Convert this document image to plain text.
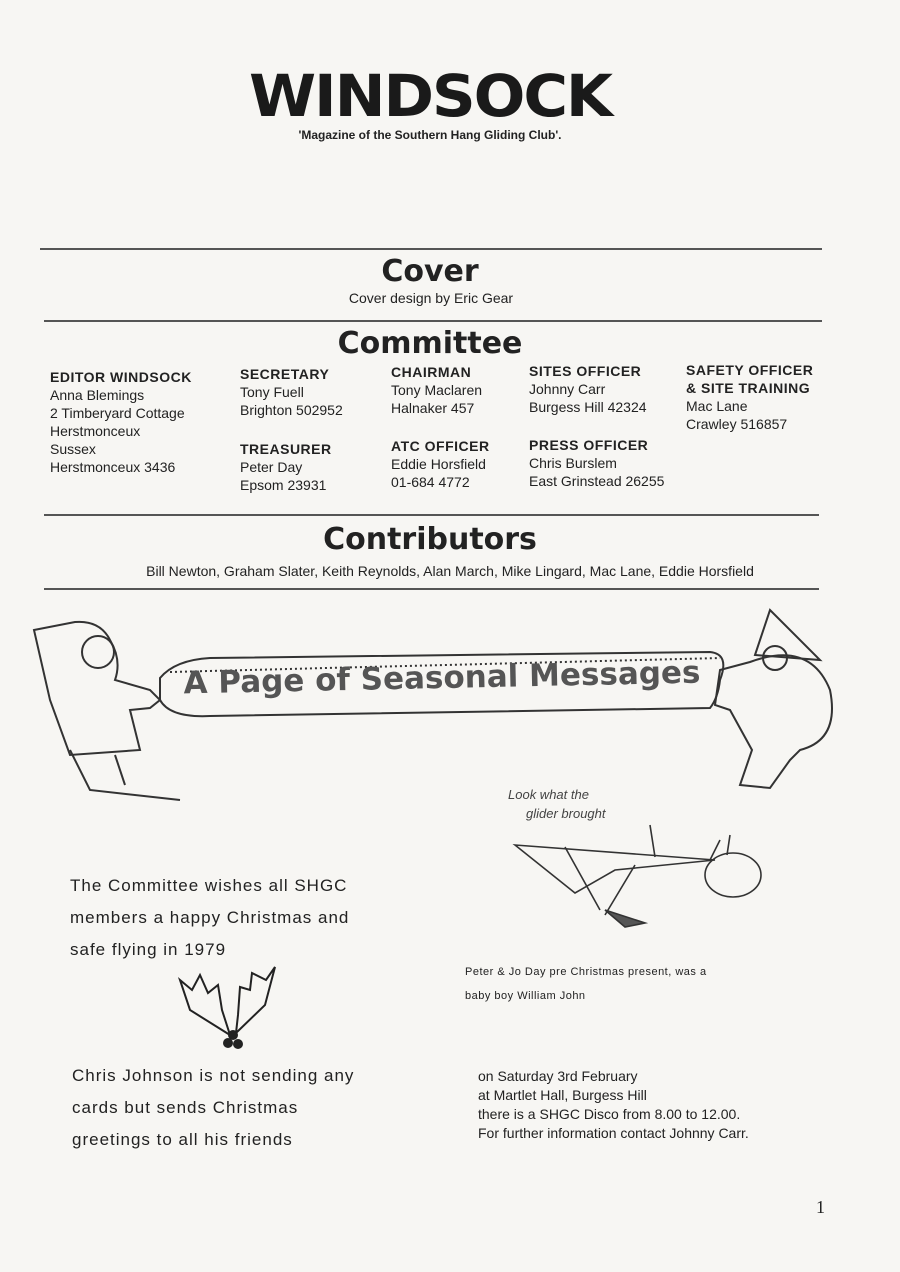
WINDSOCK
'Magazine of the Southern Hang Gliding Club'.
Cover
Cover design by Eric Gear
Committee
EDITOR WINDSOCK
Anna Blemings
2 Timberyard Cottage
Herstmonceux
Sussex
Herstmonceux 3436
SECRETARY
Tony Fuell
Brighton 502952
TREASURER
Peter Day
Epsom 23931
CHAIRMAN
Tony Maclaren
Halnaker 457
ATC OFFICER
Eddie Horsfield
01-684 4772
SITES OFFICER
Johnny Carr
Burgess Hill 42324
PRESS OFFICER
Chris Burslem
East Grinstead 26255
SAFETY OFFICER
& SITE TRAINING
Mac Lane
Crawley 516857
Contributors
Bill Newton, Graham Slater, Keith Reynolds, Alan March, Mike Lingard, Mac Lane, Eddie Horsfield
A Page of Seasonal Messages
Look what the
glider brought
The Committee wishes all SHGC
members a happy Christmas and
safe flying in 1979
Chris Johnson is not sending any
cards but sends Christmas
greetings to all his friends
Peter & Jo Day pre Christmas present, was a
baby boy William John
on Saturday 3rd February
at Martlet Hall, Burgess Hill
there is a SHGC Disco from 8.00 to 12.00.
For further information contact Johnny Carr.
1
